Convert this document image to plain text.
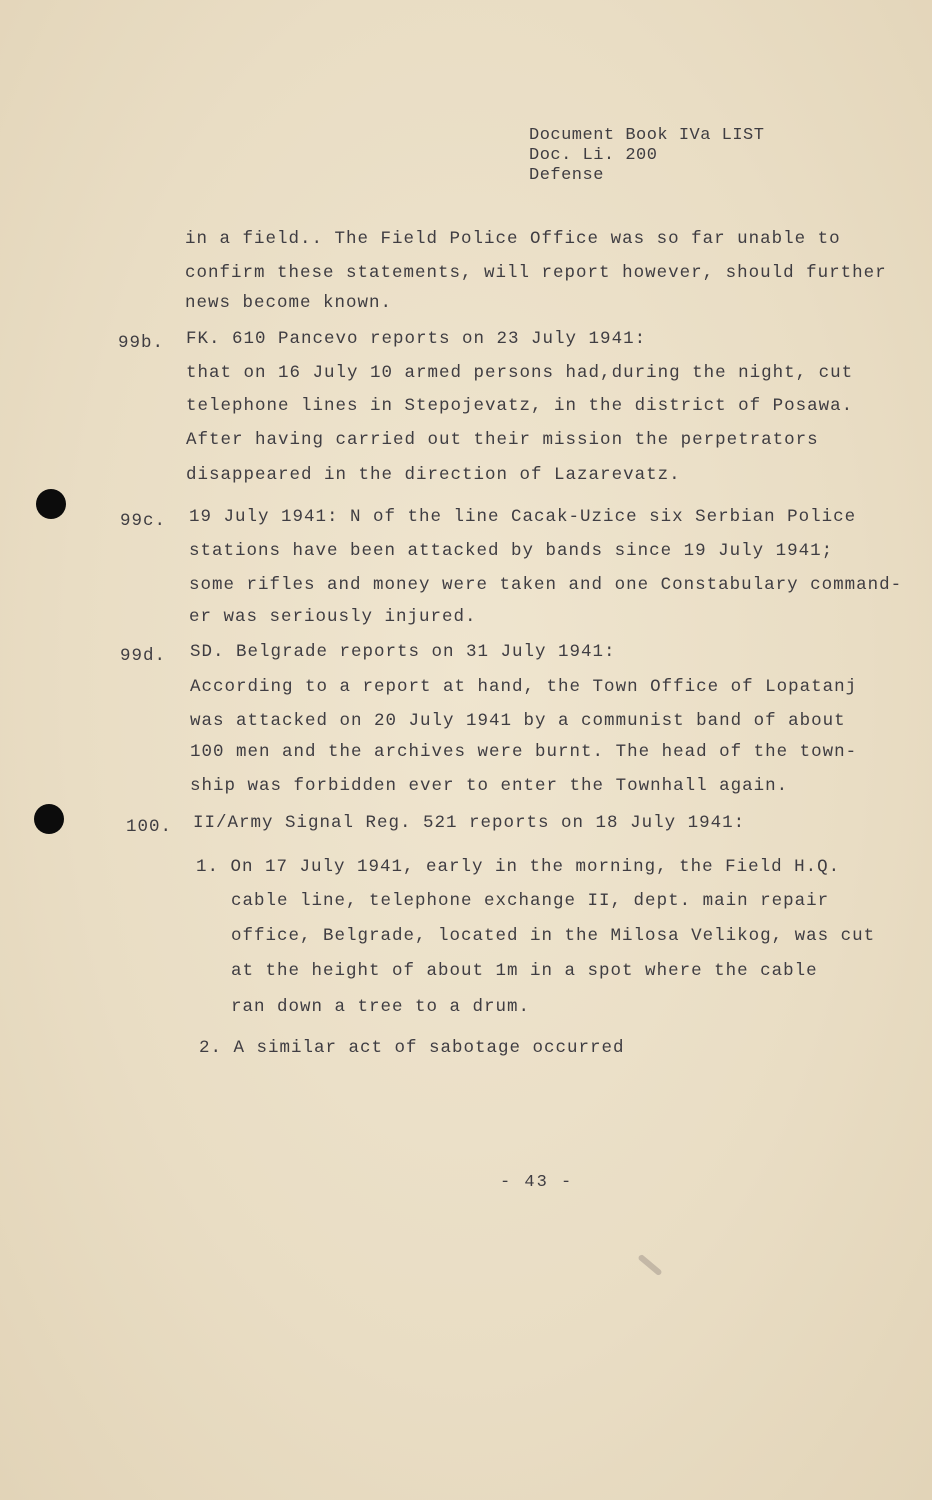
Document Book IVa LIST
Doc. Li. 200
Defense
in a field.. The Field Police Office was so far unable to
confirm these statements, will report however, should further
news become known.
99b. FK. 610 Pancevo reports on 23 July 1941:
that on 16 July 10 armed persons had,during the night, cut
telephone lines in Stepojevatz, in the district of Posawa.
After having carried out their mission the perpetrators
disappeared in the direction of Lazarevatz.
99c. 19 July 1941: N of the line Cacak-Uzice six Serbian Police
stations have been attacked by bands since 19 July 1941;
some rifles and money were taken and one Constabulary command-
er was seriously injured.
99d. SD. Belgrade reports on 31 July 1941:
According to a report at hand, the Town Office of Lopatanj
was attacked on 20 July 1941 by a communist band of about
100 men and the archives were burnt. The head of the town-
ship was forbidden ever to enter the Townhall again.
100. II/Army Signal Reg. 521 reports on 18 July 1941:
1. On 17 July 1941, early in the morning, the Field H.Q.
cable line, telephone exchange II, dept. main repair
office, Belgrade, located in the Milosa Velikog, was cut
at the height of about 1m in a spot where the cable
ran down a tree to a drum.
2. A similar act of sabotage occurred
- 43 -
